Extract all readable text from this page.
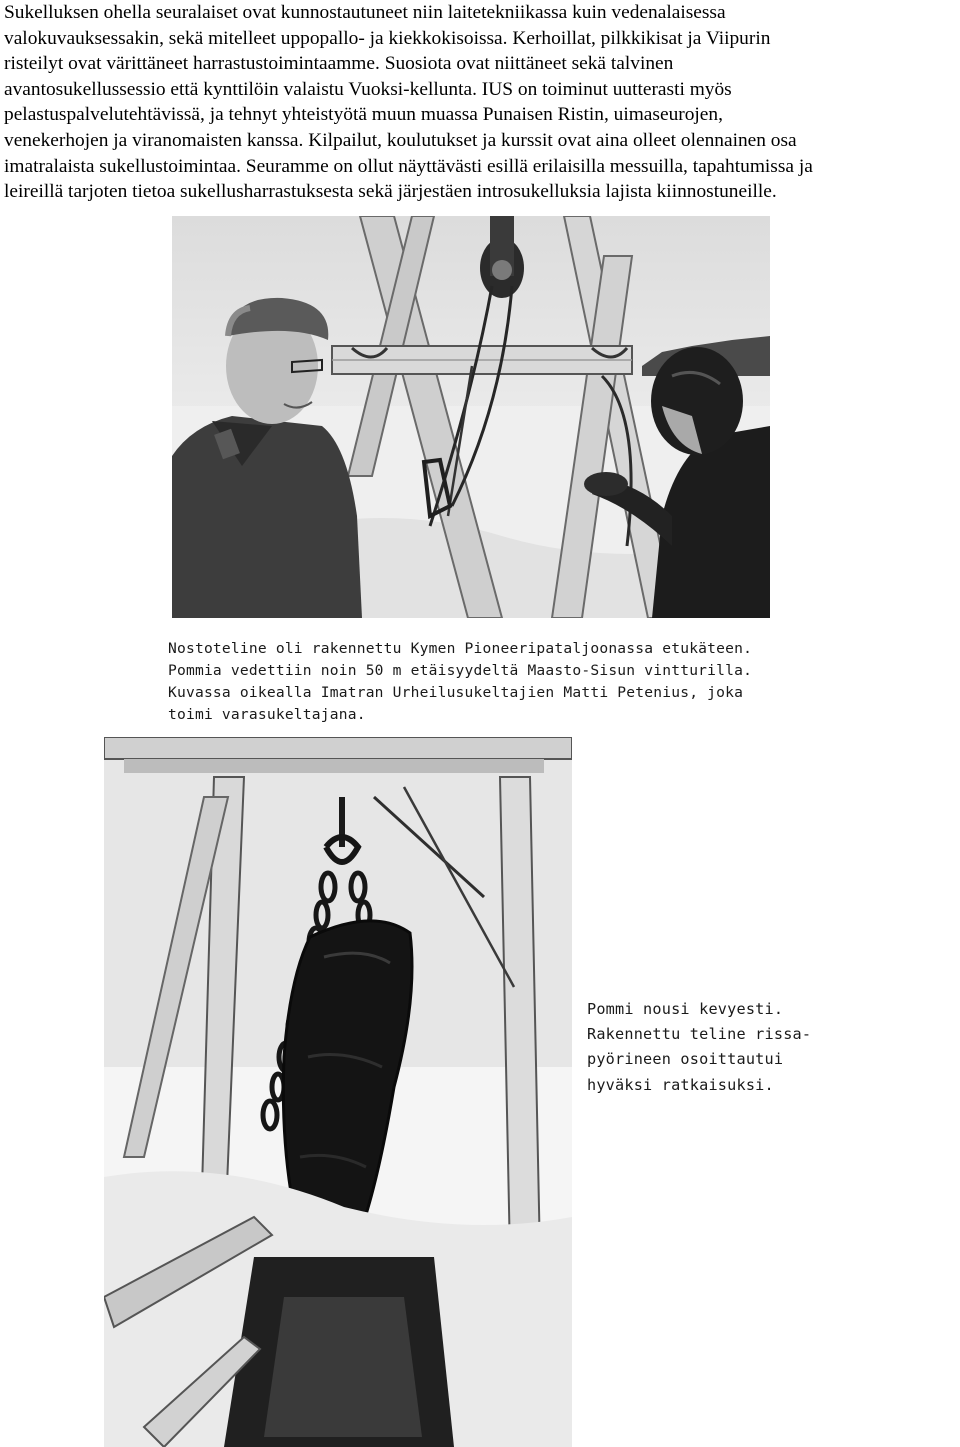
Sukelluksen ohella seuralaiset ovat kunnostautuneet niin laitetekniikassa kuin vedenalaisessa
valokuvauksessakin, sekä mitelleet uppopallo- ja kiekkokisoissa. Kerhoillat, pilkkikisat ja Viipurin
risteilyt ovat värittäneet harrastustoimintaamme. Suosiota ovat niittäneet sekä talvinen
avantosukellussessio että kynttilöin valaistu Vuoksi-kellunta. IUS on toiminut uutterasti myös
pelastuspalvelutehtävissä, ja tehnyt yhteistyötä muun muassa Punaisen Ristin, uimaseurojen,
venekerhojen ja viranomaisten kanssa. Kilpailut, koulutukset ja kurssit ovat aina olleet olennainen osa
imatralaista sukellustoimintaa. Seuramme on ollut näyttävästi esillä erilaisilla messuilla, tapahtumissa ja
leireillä tarjoten tietoa sukellusharrastuksesta sekä järjestäen introsukelluksia lajista kiinnostuneille.
Nostoteline oli rakennettu Kymen Pioneeripataljoonassa etukäteen.
Pommia vedettiin noin 50 m etäisyydeltä Maasto-Sisun vintturilla.
Kuvassa oikealla Imatran Urheilusukeltajien Matti Petenius, joka
toimi varasukeltajana.
Pommi nousi kevyesti.
Rakennettu teline rissa-
pyörineen osoittautui
hyväksi ratkaisuksi.
